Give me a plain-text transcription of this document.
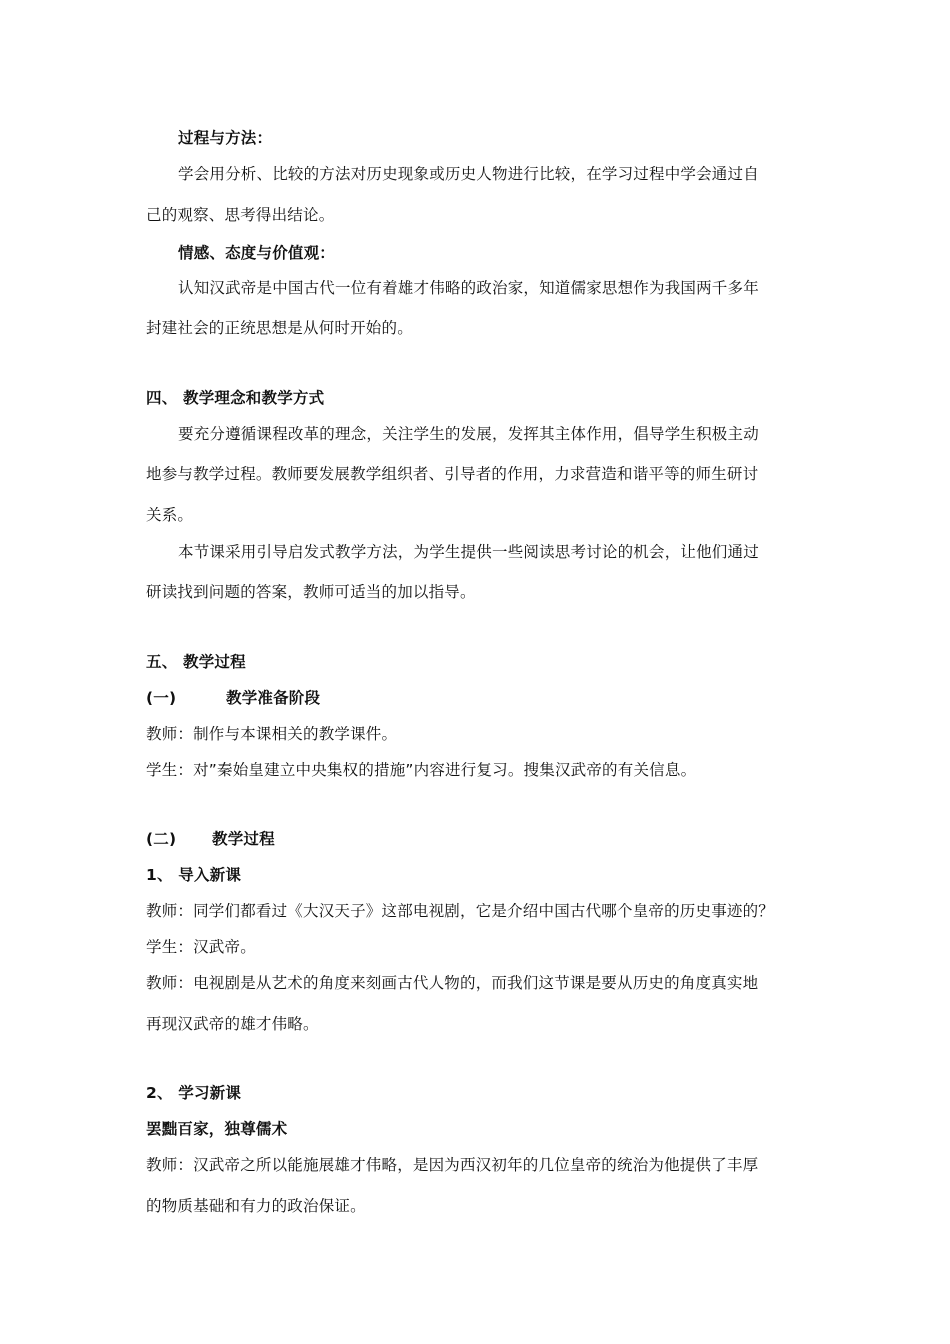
过程与方法：

学会用分析、比较的方法对历史现象或历史人物进行比较，在学习过程中学会通过自

己的观察、思考得出结论。

情感、态度与价值观：

认知汉武帝是中国古代一位有着雄才伟略的政治家，知道儒家思想作为我国两千多年

封建社会的正统思想是从何时开始的。

四、 教学理念和教学方式

要充分遵循课程改革的理念，关注学生的发展，发挥其主体作用，倡导学生积极主动

地参与教学过程。教师要发展教学组织者、引导者的作用，力求营造和谐平等的师生研讨

关系。

本节课采用引导启发式教学方法，为学生提供一些阅读思考讨论的机会，让他们通过

研读找到问题的答案，教师可适当的加以指导。

五、 教学过程

(一)	教学准备阶段

教师：制作与本课相关的教学课件。

学生：对”秦始皇建立中央集权的措施”内容进行复习。搜集汉武帝的有关信息。

(二) 教学过程

1、 导入新课

教师：同学们都看过《大汉天子》这部电视剧，它是介绍中国古代哪个皇帝的历史事迹的？

学生：汉武帝。

教师：电视剧是从艺术的角度来刻画古代人物的，而我们这节课是要从历史的角度真实地

再现汉武帝的雄才伟略。

2、 学习新课

罢黜百家，独尊儒术

教师：汉武帝之所以能施展雄才伟略，是因为西汉初年的几位皇帝的统治为他提供了丰厚

的物质基础和有力的政治保证。
